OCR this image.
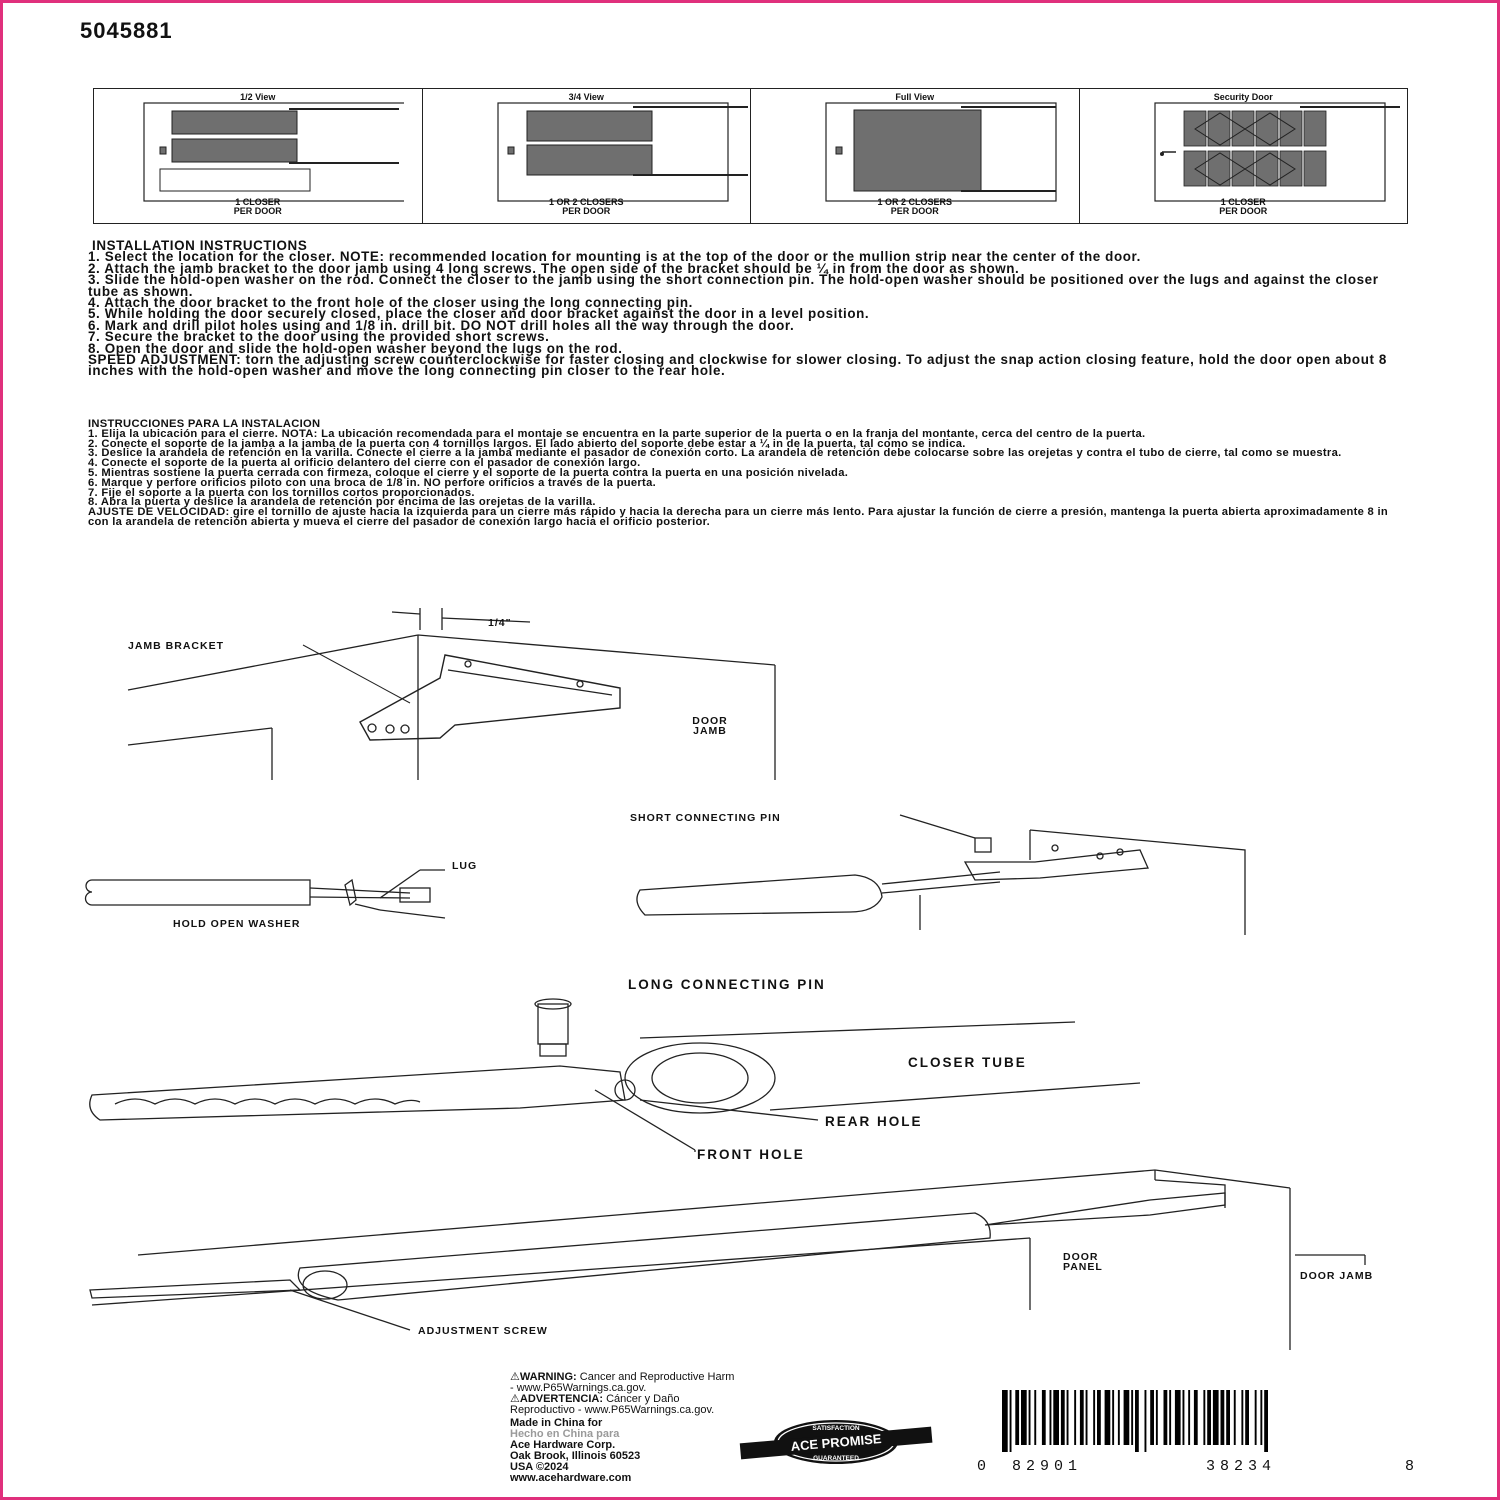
5045881
1/2 View
1 CLOSER
PER DOOR
3/4 View
1 OR 2 CLOSERS
PER DOOR
Full View
1 OR 2 CLOSERS
PER DOOR
Security Door
1 CLOSER
PER DOOR

INSTALLATION INSTRUCTIONS

1. Select the location for the closer. NOTE: recommended location for mounting is at the top of the door or the mullion strip near the center of the door.

2. Attach the jamb bracket to the door jamb using 4 long screws. The open side of the bracket should be ¼ in from the door as shown.

3. Slide the hold-open washer on the rod. Connect the closer to the jamb using the short connection pin. The hold-open washer should be positioned over the lugs and against the closer tube as shown.

4. Attach the door bracket to the front hole of the closer using the long connecting pin.

5. While holding the door securely closed, place the closer and door bracket against the door in a level position.

6. Mark and drill pilot holes using and 1/8 in. drill bit. DO NOT drill holes all the way through the door.

7. Secure the bracket to the door using the provided short screws.

8. Open the door and slide the hold-open washer beyond the lugs on the rod.

SPEED ADJUSTMENT: torn the adjusting screw counterclockwise for faster closing and clockwise for slower closing. To adjust the snap action closing feature, hold the door open about 8 inches with the hold-open washer and move the long connecting pin closer to the rear hole.

INSTRUCCIONES PARA LA INSTALACION

1. Elija la ubicación para el cierre. NOTA: La ubicación recomendada para el montaje se encuentra en la parte superior de la puerta o en la franja del montante, cerca del centro de la puerta.

2. Conecte el soporte de la jamba a la jamba de la puerta con 4 tornillos largos. El lado abierto del soporte debe estar a ¼ in de la puerta, tal como se indica.

3. Deslice la arandela de retención en la varilla. Conecte el cierre a la jamba mediante el pasador de conexión corto. La arandela de retención debe colocarse sobre las orejetas y contra el tubo de cierre, tal como se muestra.

4. Conecte el soporte de la puerta al orificio delantero del cierre con el pasador de conexión largo.

5. Mientras sostiene la puerta cerrada con firmeza, coloque el cierre y el soporte de la puerta contra la puerta en una posición nivelada.

6. Marque y perfore orificios piloto con una broca de 1/8 in. NO perfore orificios a través de la puerta.

7. Fije el soporte a la puerta con los tornillos cortos proporcionados.

8. Abra la puerta y deslice la arandela de retención por encima de las orejetas de la varilla.

AJUSTE DE VELOCIDAD: gire el tornillo de ajuste hacia la izquierda para un cierre más rápido y hacia la derecha para un cierre más lento. Para ajustar la función de cierre a presión, mantenga la puerta abierta aproximadamente 8 in con la arandela de retención abierta y mueva el cierre del pasador de conexión largo hacia el orificio posterior.

1/4"
JAMB BRACKET
DOOR JAMB
SHORT CONNECTING PIN
LUG
HOLD OPEN WASHER
LONG CONNECTING PIN
CLOSER TUBE
REAR HOLE
FRONT HOLE
DOOR PANEL
DOOR JAMB
ADJUSTMENT SCREW

⚠WARNING: Cancer and Reproductive Harm

- www.P65Warnings.ca.gov.

⚠ADVERTENCIA: Cáncer y Daño

Reproductivo - www.P65Warnings.ca.gov.

Made in China for

Hecho en China para

Ace Hardware Corp.

Oak Brook, Illinois 60523

USA ©2024

www.acehardware.com

ACE PROMISE
SATISFACTION
GUARANTEED	0 82901	38234	8
